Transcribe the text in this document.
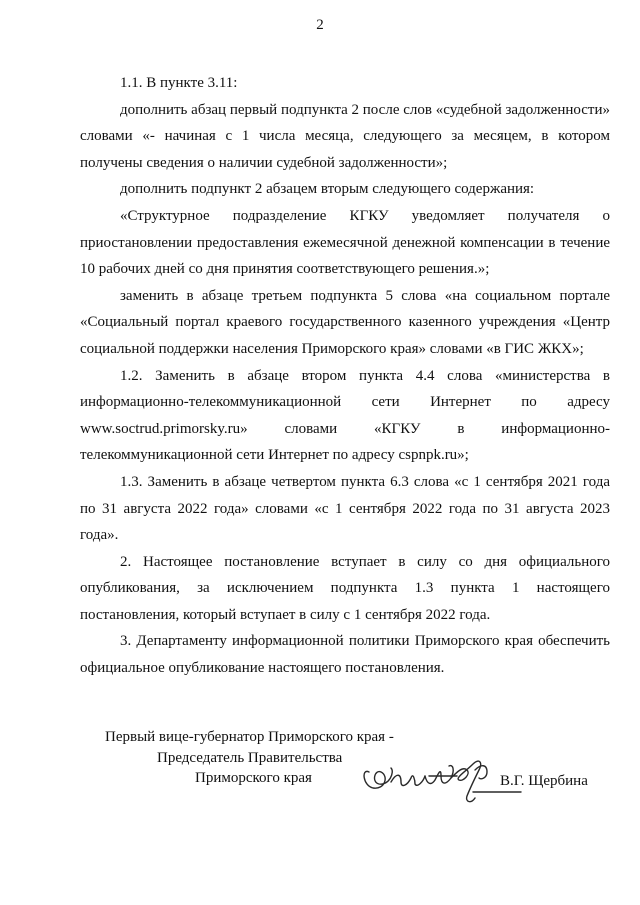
2

1.1. В пункте 3.11:

дополнить абзац первый подпункта 2 после слов «судебной задолженности» словами «- начиная с 1 числа месяца, следующего за месяцем, в котором получены сведения о наличии судебной задолженности»;

дополнить подпункт 2 абзацем вторым следующего содержания:

«Структурное подразделение КГКУ уведомляет получателя о приостановлении предоставления ежемесячной денежной компенсации в течение 10 рабочих дней со дня принятия соответствующего решения.»;

заменить в абзаце третьем подпункта 5 слова «на социальном портале «Социальный портал краевого государственного казенного учреждения «Центр социальной поддержки населения Приморского края» словами «в ГИС ЖКХ»;

1.2. Заменить в абзаце втором пункта 4.4 слова «министерства в информационно-телекоммуникационной сети Интернет по адресу www.soctrud.primorsky.ru» словами «КГКУ в информационно-телекоммуникационной сети Интернет по адресу cspnpk.ru»;

1.3. Заменить в абзаце четвертом пункта 6.3 слова «с 1 сентября 2021 года по 31 августа 2022 года» словами «с 1 сентября 2022 года по 31 августа 2023 года».

2. Настоящее постановление вступает в силу со дня официального опубликования, за исключением подпункта 1.3 пункта 1 настоящего постановления, который вступает в силу с 1 сентября 2022 года.

3. Департаменту информационной политики Приморского края обеспечить официальное опубликование настоящего постановления.

Первый вице-губернатор Приморского края -
Председатель Правительства
Приморского края	В.Г. Щербина
